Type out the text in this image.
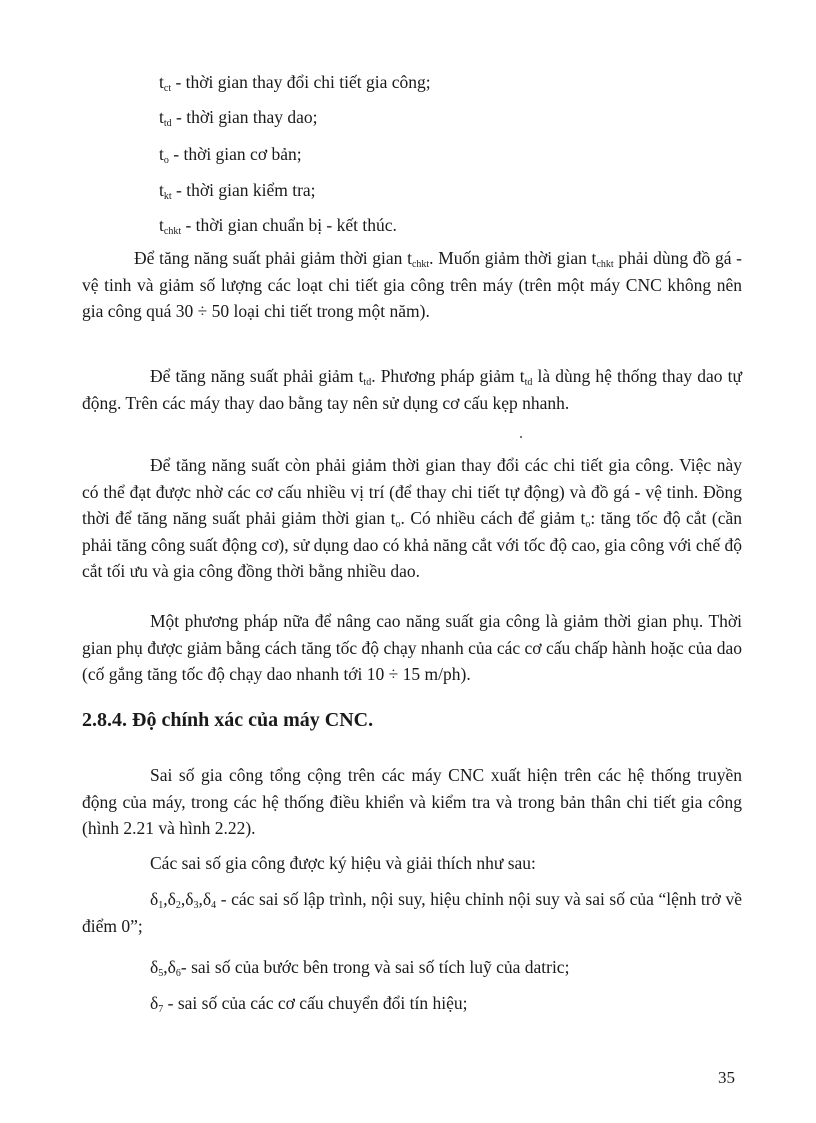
$t_{ct}$ - thời gian thay đổi chi tiết gia công;
$t_{td}$ - thời gian thay dao;
$t_o$ - thời gian cơ bản;
$t_{kt}$ - thời gian kiểm tra;
$t_{chkt}$ - thời gian chuẩn bị - kết thúc.
Để tăng năng suất phải giảm thời gian $t_{chkt}$. Muốn giảm thời gian $t_{chkt}$ phải dùng đồ gá - vệ tinh và giảm số lượng các loạt chi tiết gia công trên máy (trên một máy CNC không nên gia công quá 30 ÷ 50 loại chi tiết trong một năm).
Để tăng năng suất phải giảm $t_{td}$. Phương pháp giảm $t_{td}$ là dùng hệ thống thay dao tự động. Trên các máy thay dao bằng tay nên sử dụng cơ cấu kẹp nhanh.
Để tăng năng suất còn phải giảm thời gian thay đổi các chi tiết gia công. Việc này có thể đạt được nhờ các cơ cấu nhiều vị trí (để thay chi tiết tự động) và đồ gá - vệ tinh. Đồng thời để tăng năng suất phải giảm thời gian $t_o$. Có nhiều cách để giảm $t_o$: tăng tốc độ cắt (cần phải tăng công suất động cơ), sử dụng dao có khả năng cắt với tốc độ cao, gia công với chế độ cắt tối ưu và gia công đồng thời bằng nhiều dao.
Một phương pháp nữa để nâng cao năng suất gia công là giảm thời gian phụ. Thời gian phụ được giảm bằng cách tăng tốc độ chạy nhanh của các cơ cấu chấp hành hoặc của dao (cố gắng tăng tốc độ chạy dao nhanh tới 10 ÷ 15 m/ph).
2.8.4. Độ chính xác của máy CNC.
Sai số gia công tổng cộng trên các máy CNC xuất hiện trên các hệ thống truyền động của máy, trong các hệ thống điều khiển và kiểm tra và trong bản thân chi tiết gia công (hình 2.21 và hình 2.22).
Các sai số gia công được ký hiệu và giải thích như sau:
$\delta_1,\delta_2,\delta_3,\delta_4$ - các sai số lập trình, nội suy, hiệu chỉnh nội suy và sai số của “lệnh trở về điểm 0”;
$\delta_5,\delta_6-$ sai số của bước bên trong và sai số tích luỹ của datric;
$\delta_7$ - sai số của các cơ cấu chuyển đổi tín hiệu;
35
